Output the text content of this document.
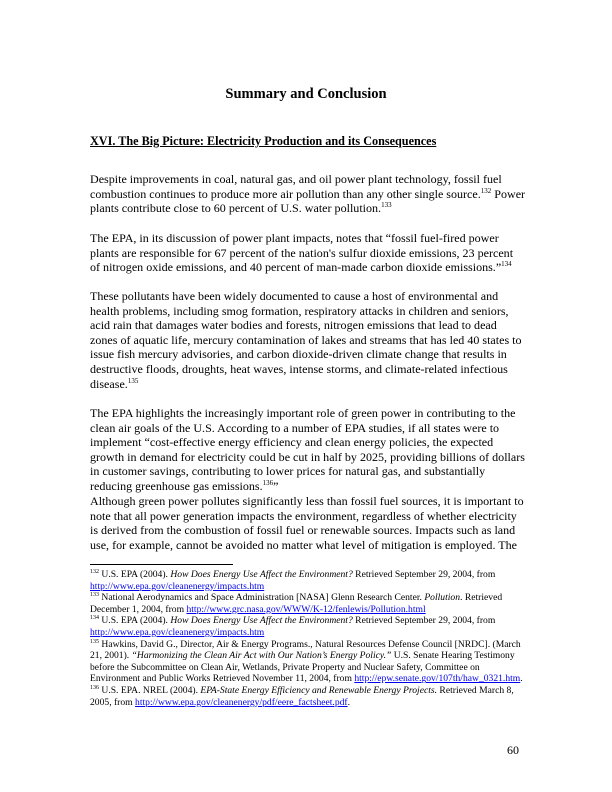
Summary and Conclusion
XVI. The Big Picture: Electricity Production and its Consequences

Despite improvements in coal, natural gas, and oil power plant technology, fossil fuel combustion continues to produce more air pollution than any other single source.$^{132}$ Power plants contribute close to 60 percent of U.S. water pollution.$^{133}$

The EPA, in its discussion of power plant impacts, notes that “fossil fuel-fired power plants are responsible for 67 percent of the nation's sulfur dioxide emissions, 23 percent of nitrogen oxide emissions, and 40 percent of man-made carbon dioxide emissions.”$^{134}$

These pollutants have been widely documented to cause a host of environmental and health problems, including smog formation, respiratory attacks in children and seniors, acid rain that damages water bodies and forests, nitrogen emissions that lead to dead zones of aquatic life, mercury contamination of lakes and streams that has led 40 states to issue fish mercury advisories, and carbon dioxide-driven climate change that results in destructive floods, droughts, heat waves, intense storms, and climate-related infectious disease.$^{135}$

The EPA highlights the increasingly important role of green power in contributing to the clean air goals of the U.S. According to a number of EPA studies, if all states were to implement “cost-effective energy efficiency and clean energy policies, the expected growth in demand for electricity could be cut in half by 2025, providing billions of dollars in customer savings, contributing to lower prices for natural gas, and substantially reducing greenhouse gas emissions.$^{136}$”

Although green power pollutes significantly less than fossil fuel sources, it is important to note that all power generation impacts the environment, regardless of whether electricity is derived from the combustion of fossil fuel or renewable sources. Impacts such as land use, for example, cannot be avoided no matter what level of mitigation is employed. The

$^{132}$ U.S. EPA (2004). How Does Energy Use Affect the Environment? Retrieved September 29, 2004, from http://www.epa.gov/cleanenergy/impacts.htm

$^{133}$ National Aerodynamics and Space Administration [NASA] Glenn Research Center. Pollution. Retrieved December 1, 2004, from http://www.grc.nasa.gov/WWW/K-12/fenlewis/Pollution.html

$^{134}$ U.S. EPA (2004). How Does Energy Use Affect the Environment? Retrieved September 29, 2004, from http://www.epa.gov/cleanenergy/impacts.htm

$^{135}$ Hawkins, David G., Director, Air & Energy Programs., Natural Resources Defense Council [NRDC]. (March 21, 2001). “Harmonizing the Clean Air Act with Our Nation’s Energy Policy.” U.S. Senate Hearing Testimony before the Subcommittee on Clean Air, Wetlands, Private Property and Nuclear Safety, Committee on Environment and Public Works Retrieved November 11, 2004, from http://epw.senate.gov/107th/haw_0321.htm.

$^{136}$ U.S. EPA. NREL (2004). EPA-State Energy Efficiency and Renewable Energy Projects. Retrieved March 8, 2005, from http://www.epa.gov/cleanenergy/pdf/eere_factsheet.pdf.

60
